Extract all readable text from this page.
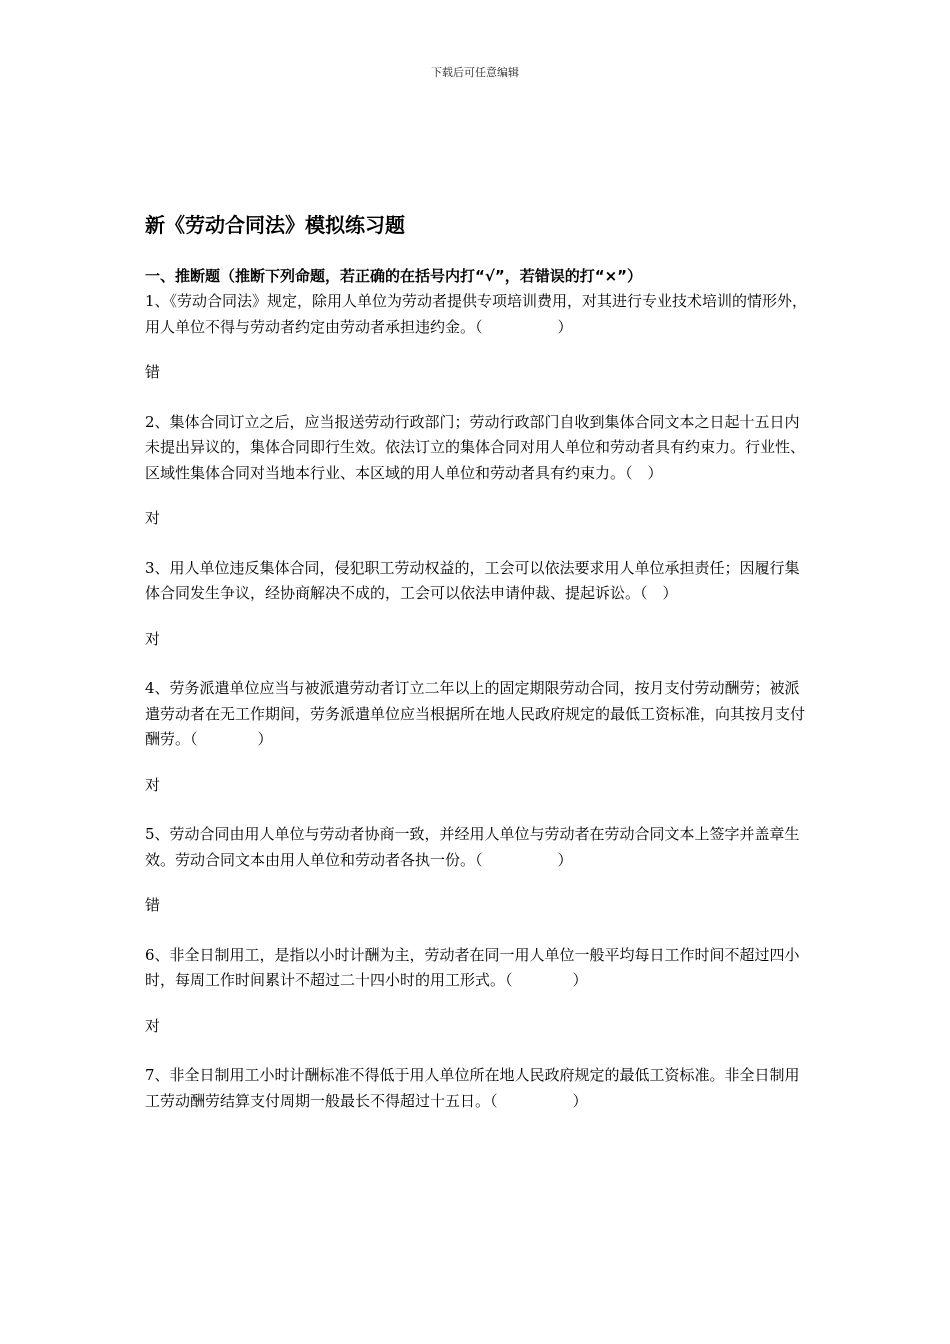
下载后可任意编辑
新《劳动合同法》模拟练习题
一、推断题（推断下列命题，若正确的在括号内打“√”，若错误的打“×”）

1、《劳动合同法》规定，除用人单位为劳动者提供专项培训费用，对其进行专业技术培训的情形外，用人单位不得与劳动者约定由劳动者承担违约金。（　　　　　）

错

2、集体合同订立之后，应当报送劳动行政部门；劳动行政部门自收到集体合同文本之日起十五日内未提出异议的，集体合同即行生效。依法订立的集体合同对用人单位和劳动者具有约束力。行业性、区域性集体合同对当地本行业、本区域的用人单位和劳动者具有约束力。（　）

对

3、用人单位违反集体合同，侵犯职工劳动权益的，工会可以依法要求用人单位承担责任；因履行集体合同发生争议，经协商解决不成的，工会可以依法申请仲裁、提起诉讼。（　）

对

4、劳务派遣单位应当与被派遣劳动者订立二年以上的固定期限劳动合同，按月支付劳动酬劳；被派遣劳动者在无工作期间，劳务派遣单位应当根据所在地人民政府规定的最低工资标准，向其按月支付酬劳。（　　　　）

对

5、劳动合同由用人单位与劳动者协商一致，并经用人单位与劳动者在劳动合同文本上签字并盖章生效。劳动合同文本由用人单位和劳动者各执一份。（　　　　　）

错

6、非全日制用工，是指以小时计酬为主，劳动者在同一用人单位一般平均每日工作时间不超过四小时，每周工作时间累计不超过二十四小时的用工形式。（　　　　）

对

7、非全日制用工小时计酬标准不得低于用人单位所在地人民政府规定的最低工资标准。非全日制用工劳动酬劳结算支付周期一般最长不得超过十五日。（　　　　　）
